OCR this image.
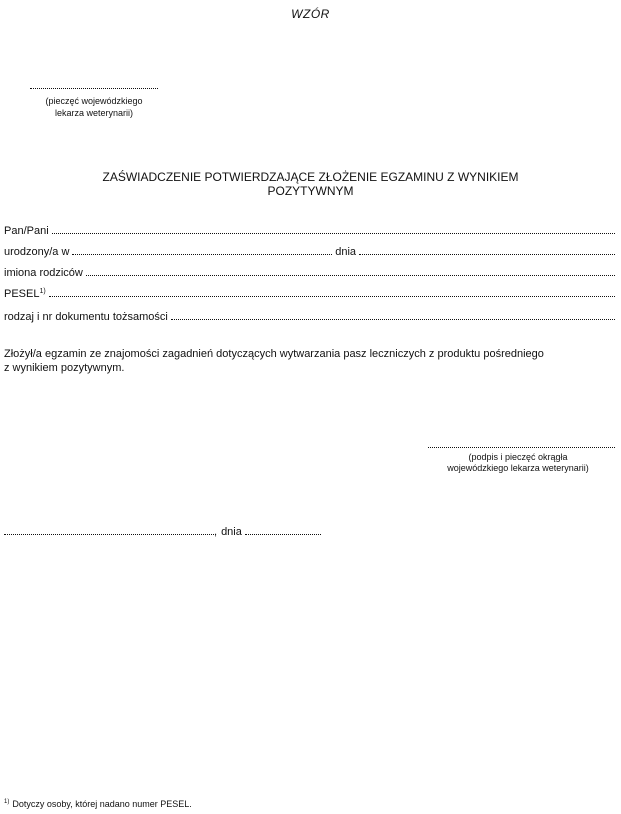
WZÓR
(pieczęć wojewódzkiego
lekarza weterynarii)
ZAŚWIADCZENIE POTWIERDZAJĄCE ZŁOŻENIE EGZAMINU Z WYNIKIEM
POZYTYWNYM
Pan/Pani
urodzony/a w	dnia
imiona rodziców
PESEL$^{1)}$
rodzaj i nr dokumentu tożsamości
Złożył/a egzamin ze znajomości zagadnień dotyczących wytwarzania pasz leczniczych z produktu pośredniego
z wynikiem pozytywnym.
(podpis i pieczęć okrągła
wojewódzkiego lekarza weterynarii)
, dnia
$^{1)}$ Dotyczy osoby, której nadano numer PESEL.
